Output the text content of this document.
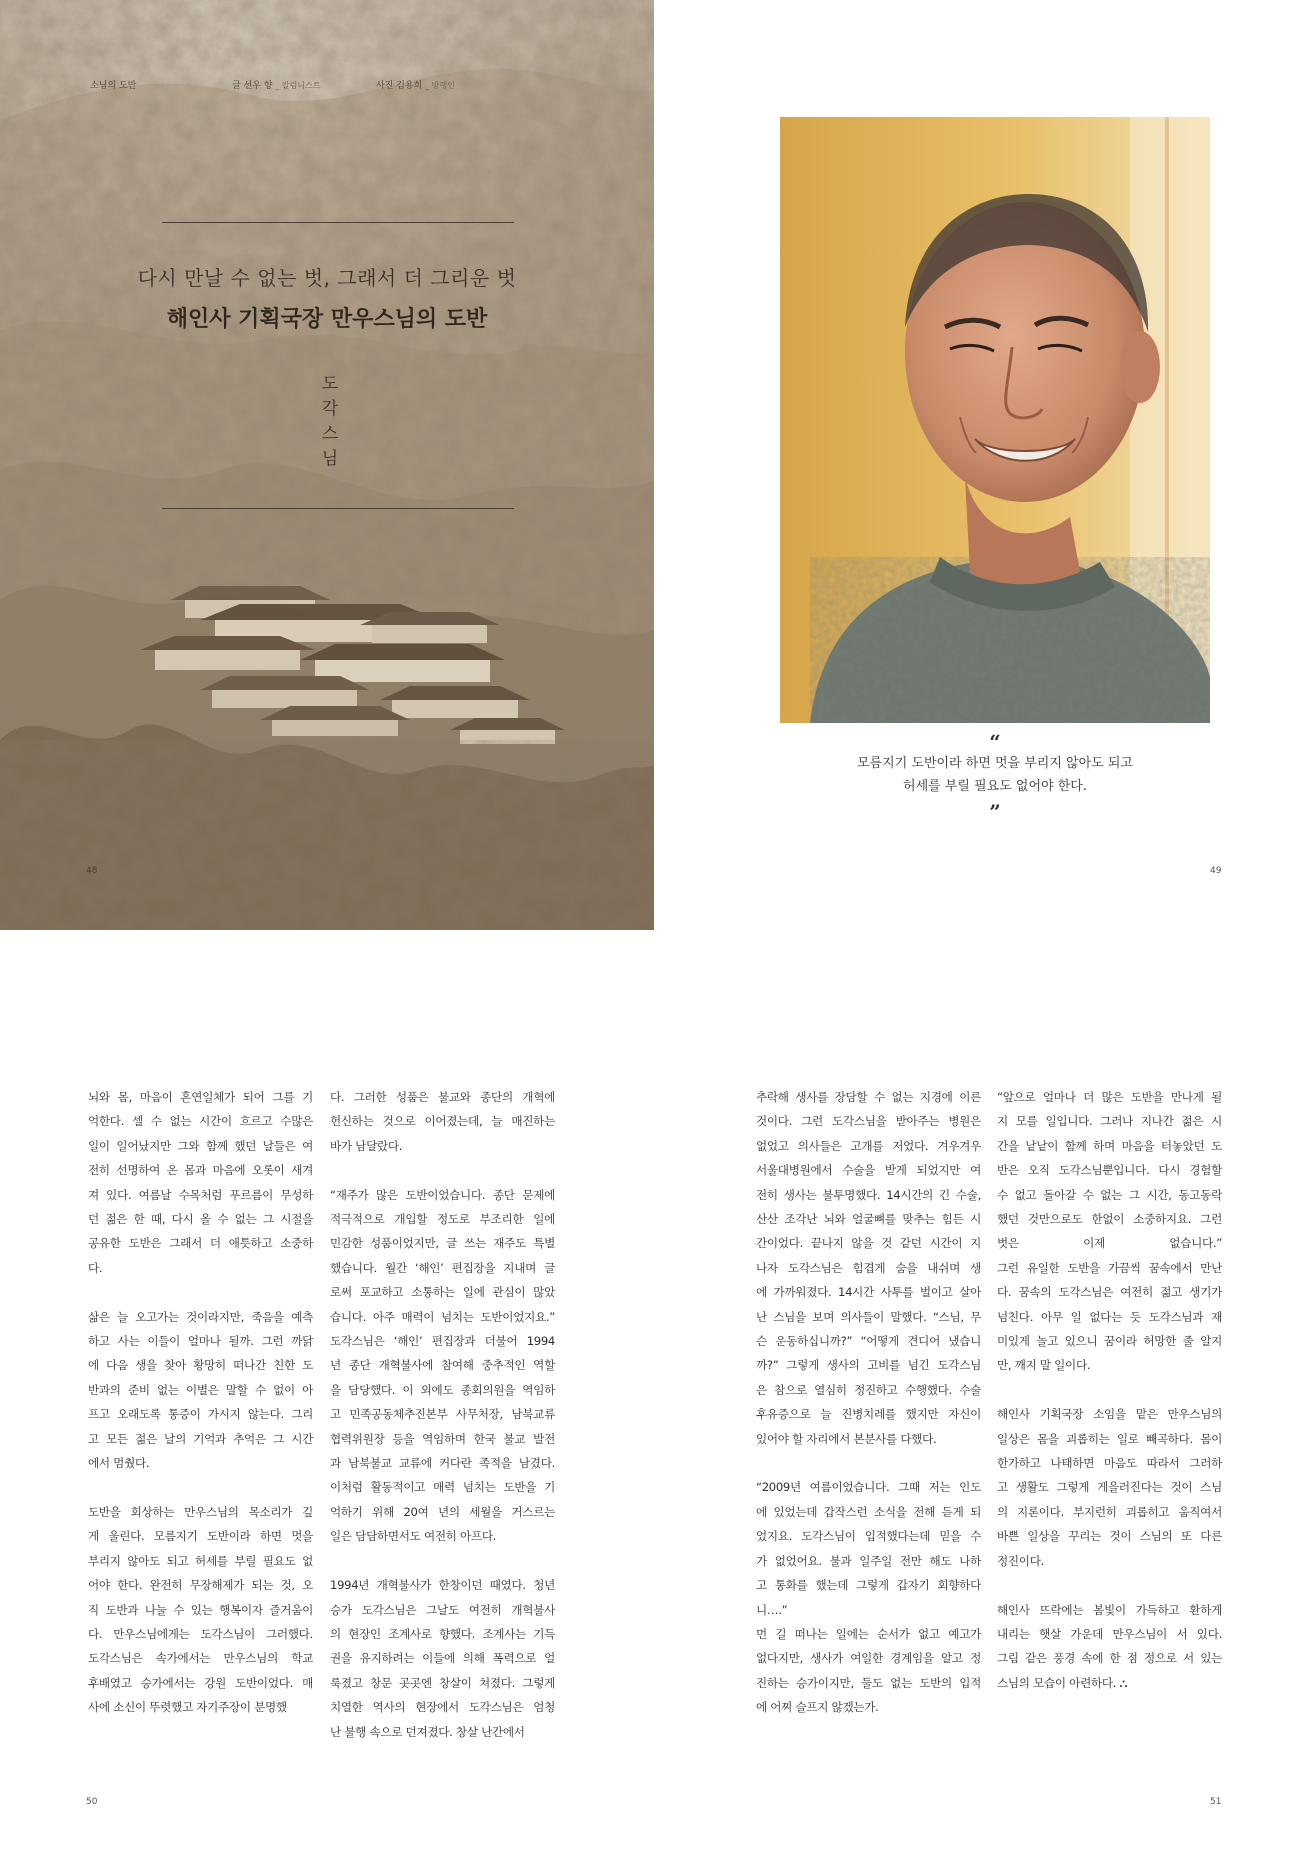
소님의 도반	글 선우 향 _ 칼럼니스트	사진 김용희 _ 방행인
다시 만날 수 없는 벗, 그래서 더 그리운 벗
해인사 기획국장 만우스님의 도반
도
각
스
님
48
“
모름지기 도반이라 하면 멋을 부리지 않아도 되고
허세를 부릴 필요도 없어야 한다.
”
49

뇌와 몸, 마음이 혼연일체가 되어 그를 기
억한다. 셀 수 없는 시간이 흐르고 수많은
일이 일어났지만 그와 함께 했던 날들은 여
전히 선명하여 온 몸과 마음에 오롯이 새겨
져 있다. 여름날 수목처럼 푸르름이 무성하
던 젊은 한 때, 다시 올 수 없는 그 시절을
공유한 도반은 그래서 더 애틋하고 소중하
다.

삶은 늘 오고가는 것이라지만, 죽음을 예측
하고 사는 이들이 얼마나 될까. 그런 까닭
에 다음 생을 찾아 황망히 떠나간 친한 도
반과의 준비 없는 이별은 말할 수 없이 아
프고 오래도록 통증이 가시지 않는다. 그리
고 모든 젊은 날의 기억과 추억은 그 시간
에서 멈췄다.

도반을 회상하는 만우스님의 목소리가 깊
게 울린다. 모름지기 도반이라 하면 멋을
부리지 않아도 되고 허세를 부릴 필요도 없
어야 한다. 완전히 무장해제가 되는 것, 오
직 도반과 나눌 수 있는 행복이자 즐거움이
다. 만우스님에게는 도각스님이 그러했다.
도각스님은 속가에서는 만우스님의 학교
후배였고 승가에서는 강원 도반이었다. 매
사에 소신이 뚜렷했고 자기주장이 분명했

다. 그러한 성품은 불교와 종단의 개혁에
헌신하는 것으로 이어졌는데, 늘 매진하는
바가 남달랐다.

“재주가 많은 도반이었습니다. 종단 문제에
적극적으로 개입할 정도로 부조리한 일에
민감한 성품이었지만, 글 쓰는 재주도 특별
했습니다. 월간 ‘해인’ 편집장을 지내며 글
로써 포교하고 소통하는 일에 관심이 많았
습니다. 아주 매력이 넘치는 도반이었지요.”
도각스님은 ‘해인’ 편집장과 더불어 1994
년 종단 개혁불사에 참여해 중추적인 역할
을 담당했다. 이 외에도 종회의원을 역임하
고 민족공동체추진본부 사무처장, 남북교류
협력위원장 등을 역임하며 한국 불교 발전
과 남북불교 교류에 커다란 족적을 남겼다.
이처럼 활동적이고 매력 넘치는 도반을 기
억하기 위해 20여 년의 세월을 거스르는
일은 담담하면서도 여전히 아프다.

1994년 개혁불사가 한창이던 때였다. 청년
승가 도각스님은 그날도 여전히 개혁불사
의 현장인 조계사로 향했다. 조계사는 기득
권을 유지하려는 이들에 의해 폭력으로 얼
룩졌고 창문 곳곳엔 창살이 쳐졌다. 그렇게
치열한 역사의 현장에서 도각스님은 엄청
난 불행 속으로 던져졌다. 창살 난간에서

추락해 생사를 장담할 수 없는 지경에 이른
것이다. 그런 도각스님을 받아주는 병원은
없었고 의사들은 고개를 저었다. 겨우겨우
서울대병원에서 수술을 받게 되었지만 여
전히 생사는 불투명했다. 14시간의 긴 수술,
산산 조각난 뇌와 얼굴뼈를 맞추는 힘든 시
간이었다. 끝나지 않을 것 같던 시간이 지
나자 도각스님은 힘겹게 숨을 내쉬며 생
에 가까워졌다. 14시간 사투를 벌이고 살아
난 스님을 보며 의사들이 말했다. “스님, 무
슨 운동하십니까?” “어떻게 견디어 냈습니
까?” 그렇게 생사의 고비를 넘긴 도각스님
은 참으로 열심히 정진하고 수행했다. 수술
후유증으로 늘 진병치레를 했지만 자신이
있어야 할 자리에서 본분사를 다했다.

“2009년 여름이었습니다. 그때 저는 인도
에 있었는데 갑작스런 소식을 전해 듣게 되
었지요. 도각스님이 입적했다는데 믿을 수
가 없었어요. 불과 일주일 전만 해도 나하
고 통화를 했는데 그렇게 갑자기 회향하다
니….”
먼 길 떠나는 일에는 순서가 없고 예고가
없다지만, 생사가 여일한 경계임을 알고 정
진하는 승가이지만, 둘도 없는 도반의 입적
에 어찌 슬프지 않겠는가.

“앞으로 얼마나 더 많은 도반을 만나게 될
지 모를 일입니다. 그러나 지나간 젊은 시
간을 낱낱이 함께 하며 마음을 터놓았던 도
반은 오직 도각스님뿐입니다. 다시 경험할
수 없고 돌아갈 수 없는 그 시간, 동고동락
했던 것만으로도 한없이 소중하지요. 그런
벗은 이제 없습니다.”
그런 유일한 도반을 가끔씩 꿈속에서 만난
다. 꿈속의 도각스님은 여전히 젊고 생기가
넘친다. 아무 일 없다는 듯 도각스님과 재
미있게 놀고 있으니 꿈이라 허망한 줄 알지
만, 깨지 말 일이다.

해인사 기획국장 소임을 맡은 만우스님의
일상은 몸을 괴롭히는 일로 빼곡하다. 몸이
한가하고 나태하면 마음도 따라서 그러하
고 생활도 그렇게 게을러진다는 것이 스님
의 지론이다. 부지런히 괴롭히고 움직여서
바쁜 일상을 꾸리는 것이 스님의 또 다른
정진이다.

해인사 뜨락에는 봄빛이 가득하고 환하게
내리는 햇살 가운데 만우스님이 서 있다.
그림 같은 풍경 속에 한 점 정으로 서 있는
스님의 모습이 아련하다. ⛬

50	51
